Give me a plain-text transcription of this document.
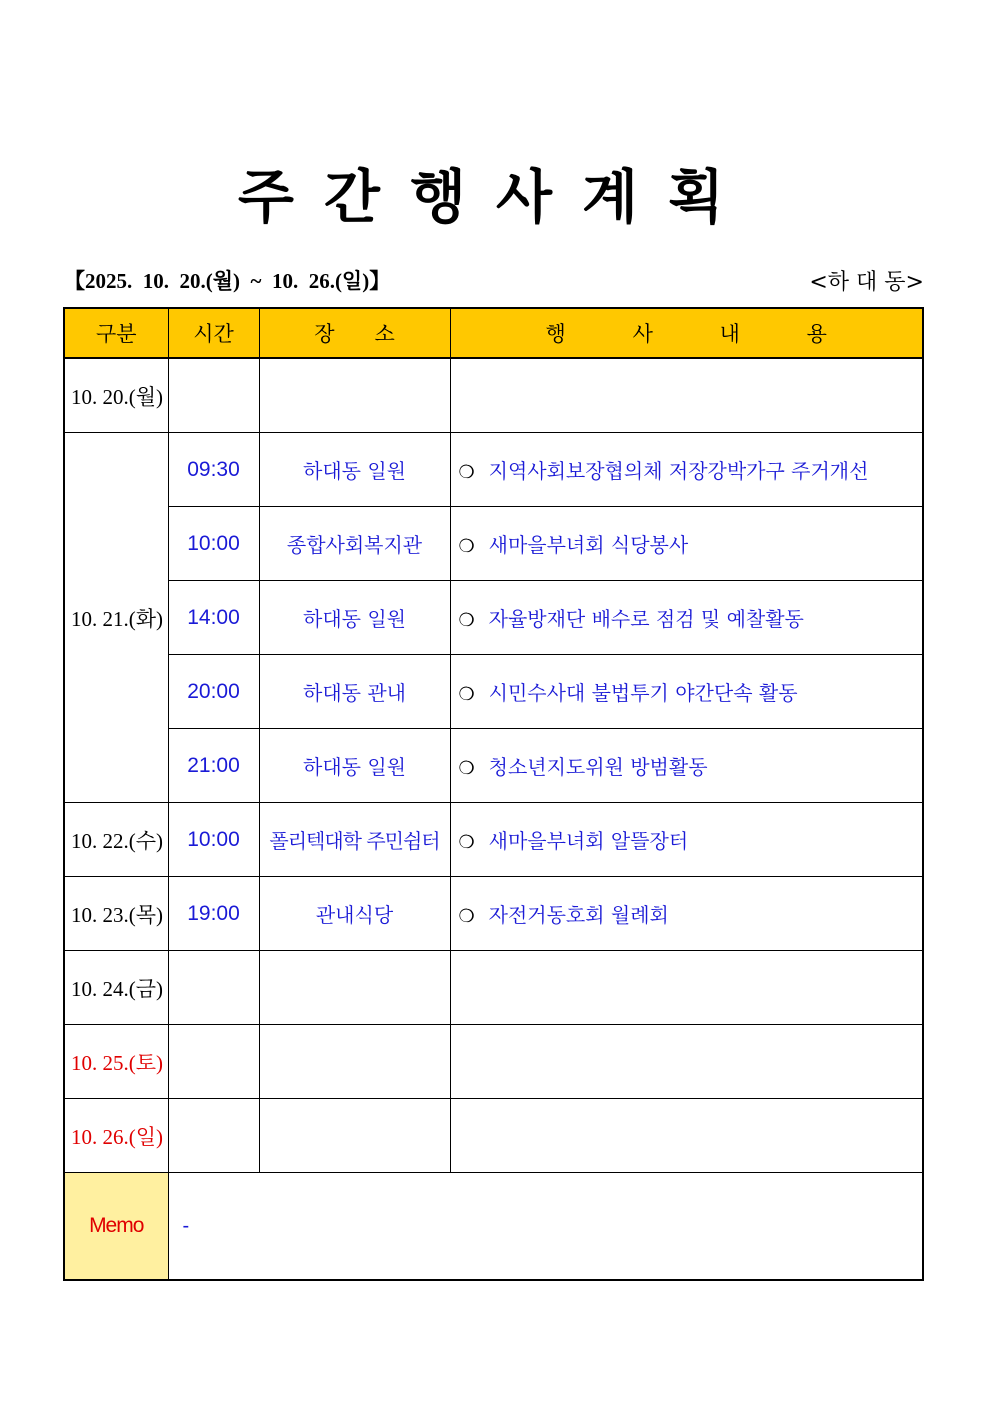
주간행사계획
【2025.  10.  20.(월)  ~  10.  26.(일)】	<하 대 동>
구분	시간	장      소	행          사          내          용
10. 20.(월)			
10. 21.(화)	09:30	하대동 일원	❍ 지역사회보장협의체 저장강박가구 주거개선
	10:00	종합사회복지관	❍ 새마을부녀회 식당봉사
	14:00	하대동 일원	❍ 자율방재단 배수로 점검 및 예찰활동
	20:00	하대동 관내	❍ 시민수사대 불법투기 야간단속 활동
	21:00	하대동 일원	❍ 청소년지도위원 방범활동
10. 22.(수)	10:00	폴리텍대학 주민쉼터	❍ 새마을부녀회 알뜰장터
10. 23.(목)	19:00	관내식당	❍ 자전거동호회 월례회
10. 24.(금)			
10. 25.(토)			
10. 26.(일)			
Memo	-		
